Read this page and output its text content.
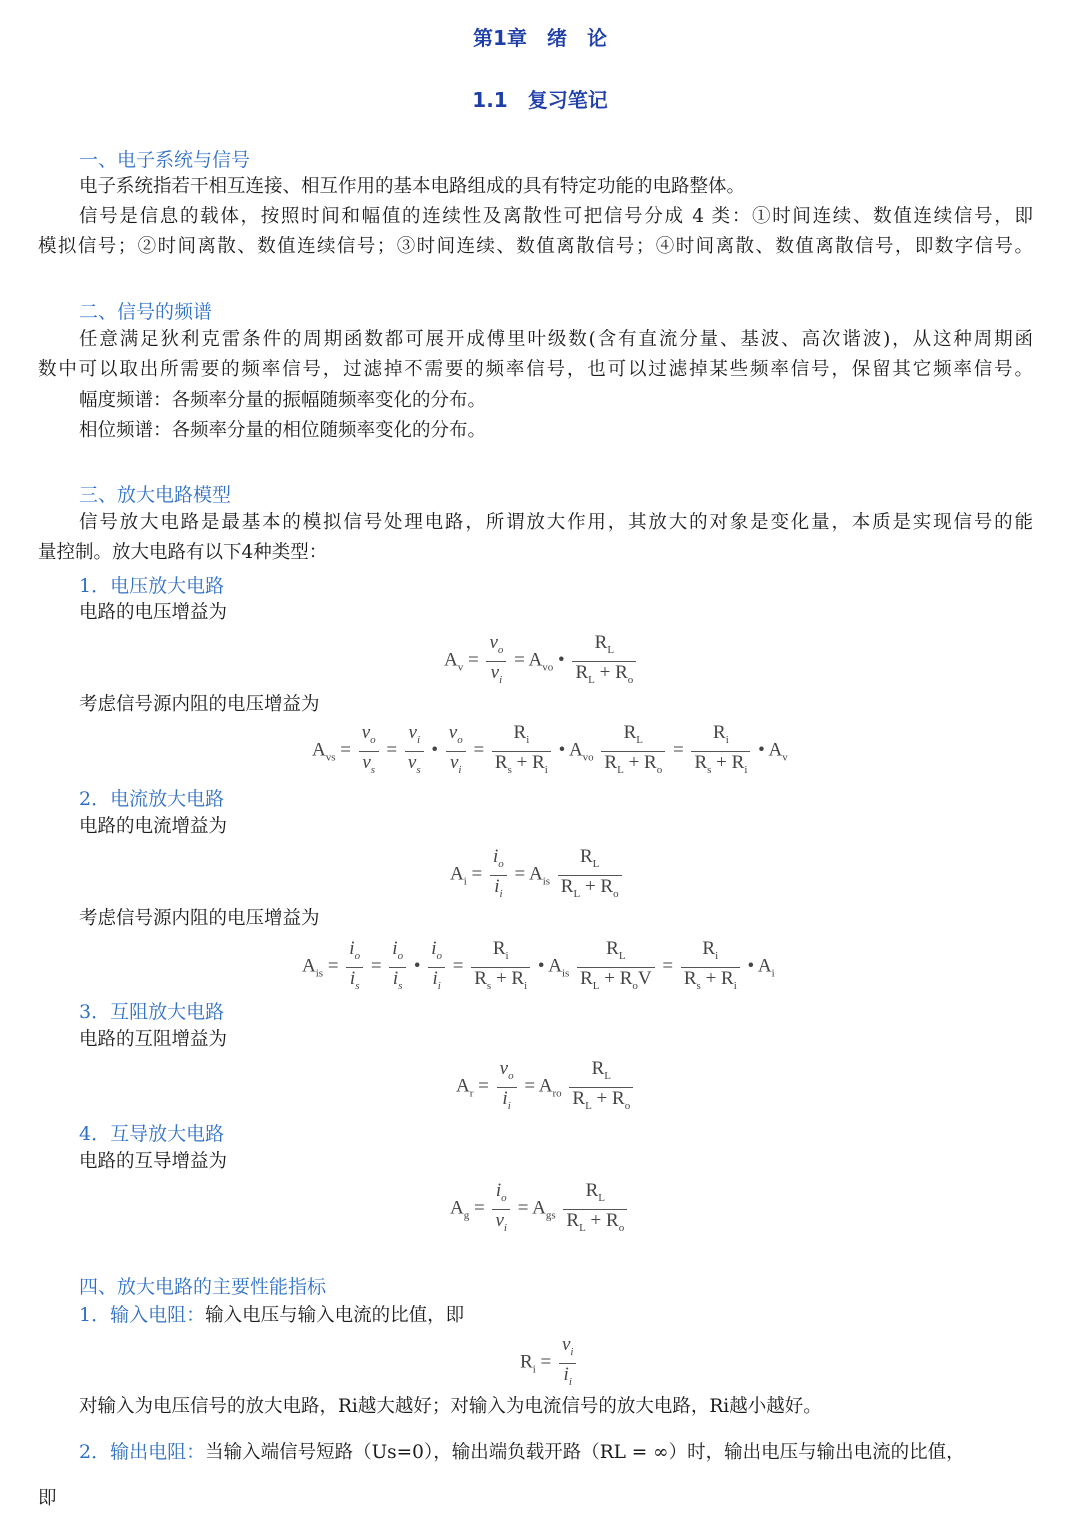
第1章　绪　论
1.1　复习笔记
一、电子系统与信号
电子系统指若干相互连接、相互作用的基本电路组成的具有特定功能的电路整体。
信号是信息的载体，按照时间和幅值的连续性及离散性可把信号分成 4 类：①时间连续、数值连续信号，即
模拟信号；②时间离散、数值连续信号；③时间连续、数值离散信号；④时间离散、数值离散信号，即数字信号。
二、信号的频谱
任意满足狄利克雷条件的周期函数都可展开成傅里叶级数(含有直流分量、基波、高次谐波)，从这种周期函
数中可以取出所需要的频率信号，过滤掉不需要的频率信号，也可以过滤掉某些频率信号，保留其它频率信号。
幅度频谱：各频率分量的振幅随频率变化的分布。
相位频谱：各频率分量的相位随频率变化的分布。
三、放大电路模型
信号放大电路是最基本的模拟信号处理电路，所谓放大作用，其放大的对象是变化量，本质是实现信号的能
量控制。放大电路有以下4种类型：
1．电压放大电路
电路的电压增益为
$A_v = \frac{v_o}{v_i} = A_{vo}$ • $\frac{R_L}{R_L + R_o}$
考虑信号源内阻的电压增益为
$A_{vs} = \frac{v_o}{v_s} = \frac{v_i}{v_s}$ • $\frac{v_o}{v_i} = \frac{R_i}{R_s + R_i}$ • $A_{vo} \frac{R_L}{R_L + R_o} = \frac{R_i}{R_s + R_i}$ • $A_v$
2．电流放大电路
电路的电流增益为
$A_i = \frac{i_o}{i_i} = A_{is} \frac{R_L}{R_L + R_o}$
考虑信号源内阻的电压增益为
$A_{is} = \frac{i_o}{i_s} = \frac{i_o}{i_s}$ • $\frac{i_o}{i_i} = \frac{R_i}{R_s + R_i}$ • $A_{is}$
$R_L$
$R_L + R_oV$
= $\frac{R_i}{R_s + R_i}$ • $A_i$
3．互阻放大电路
电路的互阻增益为
$A_r = \frac{v_o}{i_i} = A_{ro} \frac{R_L}{R_L + R_o}$
4．互导放大电路
电路的互导增益为
$A_g = \frac{i_o}{v_i} = A_{gs} \frac{R_L}{R_L + R_o}$
四、放大电路的主要性能指标
1．输入电阻：输入电压与输入电流的比值，即
$R_i = \frac{v_i}{i_i}$
对输入为电压信号的放大电路，Ri越大越好；对输入为电流信号的放大电路，Ri越小越好。
2．输出电阻：当输入端信号短路（Us=0），输出端负载开路（RL = ∞）时，输出电压与输出电流的比值，
即
